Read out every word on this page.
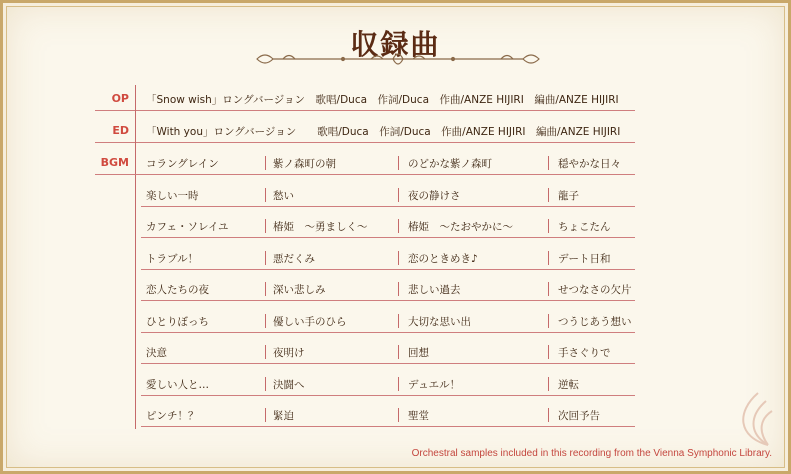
収録曲
OP 「Snow wish」ロングバージョン　歌唱/Duca　作詞/Duca　作曲/ANZE HIJIRI　編曲/ANZE HIJIRI
ED 「With you」ロングバージョン　　歌唱/Duca　作詞/Duca　作曲/ANZE HIJIRI　編曲/ANZE HIJIRI
BGM コラングレイン	紫ノ森町の朝	のどかな紫ノ森町	穏やかな日々
楽しい一時	愁い	夜の静けさ	龍子
カフェ・ソレイユ	椿姫　～勇ましく～	椿姫　～たおやかに～	ちょこたん
トラブル！	悪だくみ	恋のときめき♪	デート日和
恋人たちの夜	深い悲しみ	悲しい過去	せつなさの欠片
ひとりぼっち	優しい手のひら	大切な思い出	つうじあう想い
決意	夜明け	回想	手さぐりで
愛しい人と…	決闘へ	デュエル！	逆転
ピンチ！？	緊迫	聖堂	次回予告
Orchestral samples included in this recording from the Vienna Symphonic Library.
